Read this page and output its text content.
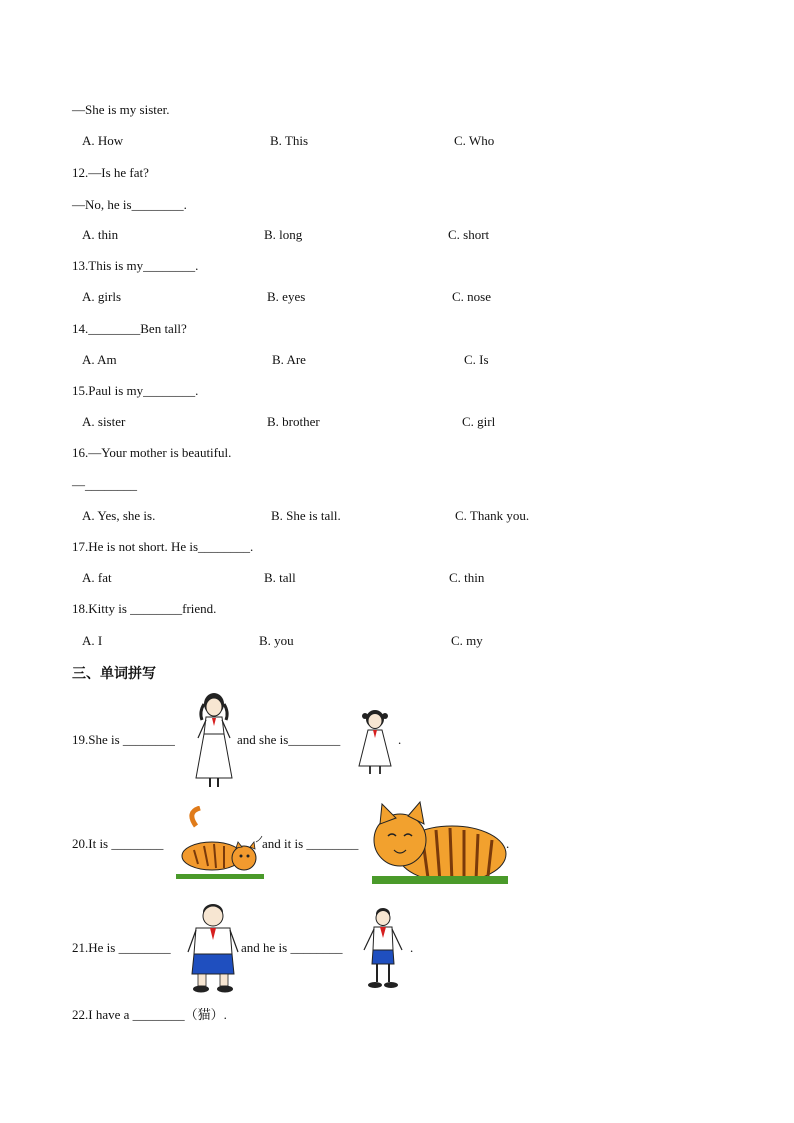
—She is my sister.
A. How	B. This	C. Who
12.—Is he fat?
—No, he is________.
A. thin	B. long	C. short
13.This is my________.
A. girls	B. eyes	C. nose
14.________Ben tall?
A. Am	B. Are	C. Is
15.Paul is my________.
A. sister	B. brother	C. girl
16.—Your mother is beautiful.
—________
A. Yes, she is.	B. She is tall.	C. Thank you.
17.He is not short. He is________.
A. fat	B. tall	C. thin
18.Kitty is ________friend.
A. I	B. you	C. my
三、单词拼写
19.She is ________	and she is________	.
20.It is ________	and it is ________	.
21.He is ________	and he is ________	.
22.I have a ________（猫）.
